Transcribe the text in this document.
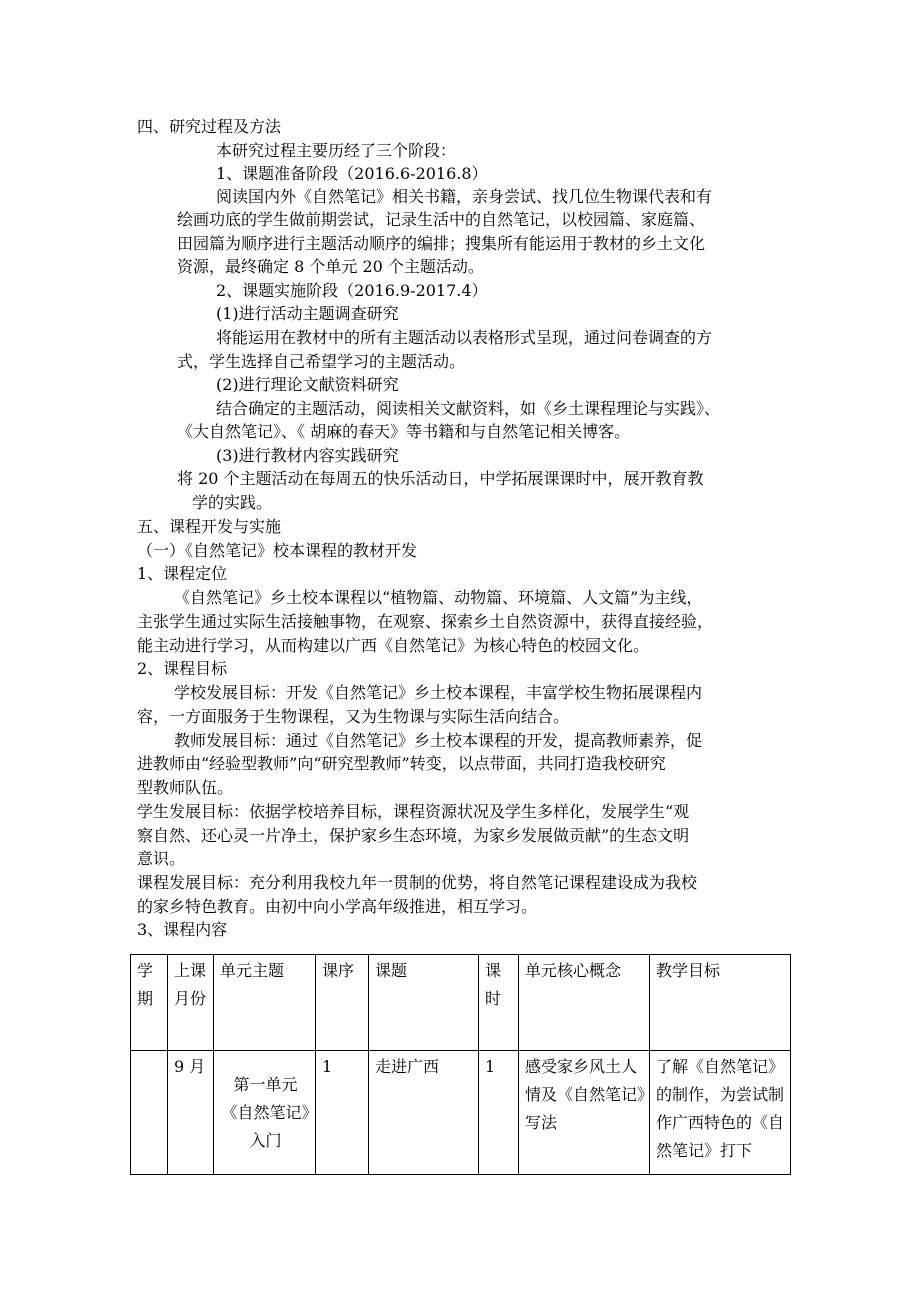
四、研究过程及方法
本研究过程主要历经了三个阶段：
1、课题准备阶段（2016.6-2016.8）
阅读国内外《自然笔记》相关书籍，亲身尝试、找几位生物课代表和有
绘画功底的学生做前期尝试，记录生活中的自然笔记，以校园篇、家庭篇、
田园篇为顺序进行主题活动顺序的编排；搜集所有能运用于教材的乡土文化
资源，最终确定 8 个单元 20 个主题活动。
2、课题实施阶段（2016.9-2017.4）
(1)进行活动主题调查研究
将能运用在教材中的所有主题活动以表格形式呈现，通过问卷调查的方
式，学生选择自己希望学习的主题活动。
(2)进行理论文献资料研究
结合确定的主题活动，阅读相关文献资料，如《乡土课程理论与实践》、
《大自然笔记》、《 胡麻的春天》等书籍和与自然笔记相关博客。
(3)进行教材内容实践研究
将 20 个主题活动在每周五的快乐活动日，中学拓展课课时中，展开教育教
学的实践。
五、课程开发与实施
（一）《自然笔记》校本课程的教材开发
1、课程定位
《自然笔记》乡土校本课程以“植物篇、动物篇、环境篇、人文篇”为主线，
主张学生通过实际生活接触事物，在观察、探索乡土自然资源中，获得直接经验，
能主动进行学习，从而构建以广西《自然笔记》为核心特色的校园文化。
2、课程目标
学校发展目标：开发《自然笔记》乡土校本课程，丰富学校生物拓展课程内
容，一方面服务于生物课程，又为生物课与实际生活向结合。
教师发展目标：通过《自然笔记》乡土校本课程的开发，提高教师素养，促
进教师由“经验型教师”向“研究型教师”转变，以点带面，共同打造我校研究
型教师队伍。
学生发展目标：依据学校培养目标，课程资源状况及学生多样化，发展学生“观
察自然、还心灵一片净土，保护家乡生态环境，为家乡发展做贡献”的生态文明
意识。
课程发展目标：充分利用我校九年一贯制的优势，将自然笔记课程建设成为我校
的家乡特色教育。由初中向小学高年级推进，相互学习。
3、课程内容
学期	上课月份	单元主题	课序	课题	课时	单元核心概念	教学目标
	9 月	第一单元《自然笔记》入门	1	走进广西	1	感受家乡风土人情及《自然笔记》写法	了解《自然笔记》的制作，为尝试制作广西特色的《自然笔记》打下
